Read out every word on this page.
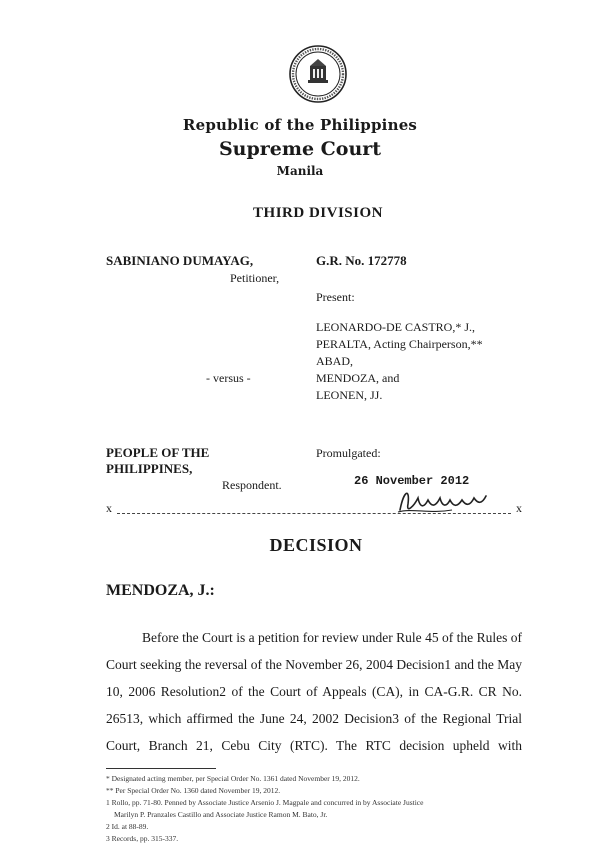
Republic of the Philippines
Supreme Court
Manila
THIRD DIVISION
SABINIANO DUMAYAG,
Petitioner,
G.R. No. 172778
Present:
LEONARDO-DE CASTRO,* J.,
PERALTA, Acting Chairperson,**
ABAD,
MENDOZA, and
LEONEN, JJ.
- versus -
PEOPLE OF THE
PHILIPPINES,
Respondent.
Promulgated:
26 November 2012
x	x
DECISION
MENDOZA, J.:
Before the Court is a petition for review under Rule 45 of the Rules of
Court seeking the reversal of the November 26, 2004 Decision1 and the May
10, 2006 Resolution2 of the Court of Appeals (CA), in CA-G.R. CR No.
26513, which affirmed the June 24, 2002 Decision3 of the Regional Trial
Court, Branch 21, Cebu City (RTC). The RTC decision upheld with
* Designated acting member, per Special Order No. 1361 dated November 19, 2012.
** Per Special Order No. 1360 dated November 19, 2012.
1 Rollo, pp. 71-80. Penned by Associate Justice Arsenio J. Magpale and concurred in by Associate Justice
Marilyn P. Pranzales Castillo and Associate Justice Ramon M. Bato, Jr.
2 Id. at 88-89.
3 Records, pp. 315-337.
